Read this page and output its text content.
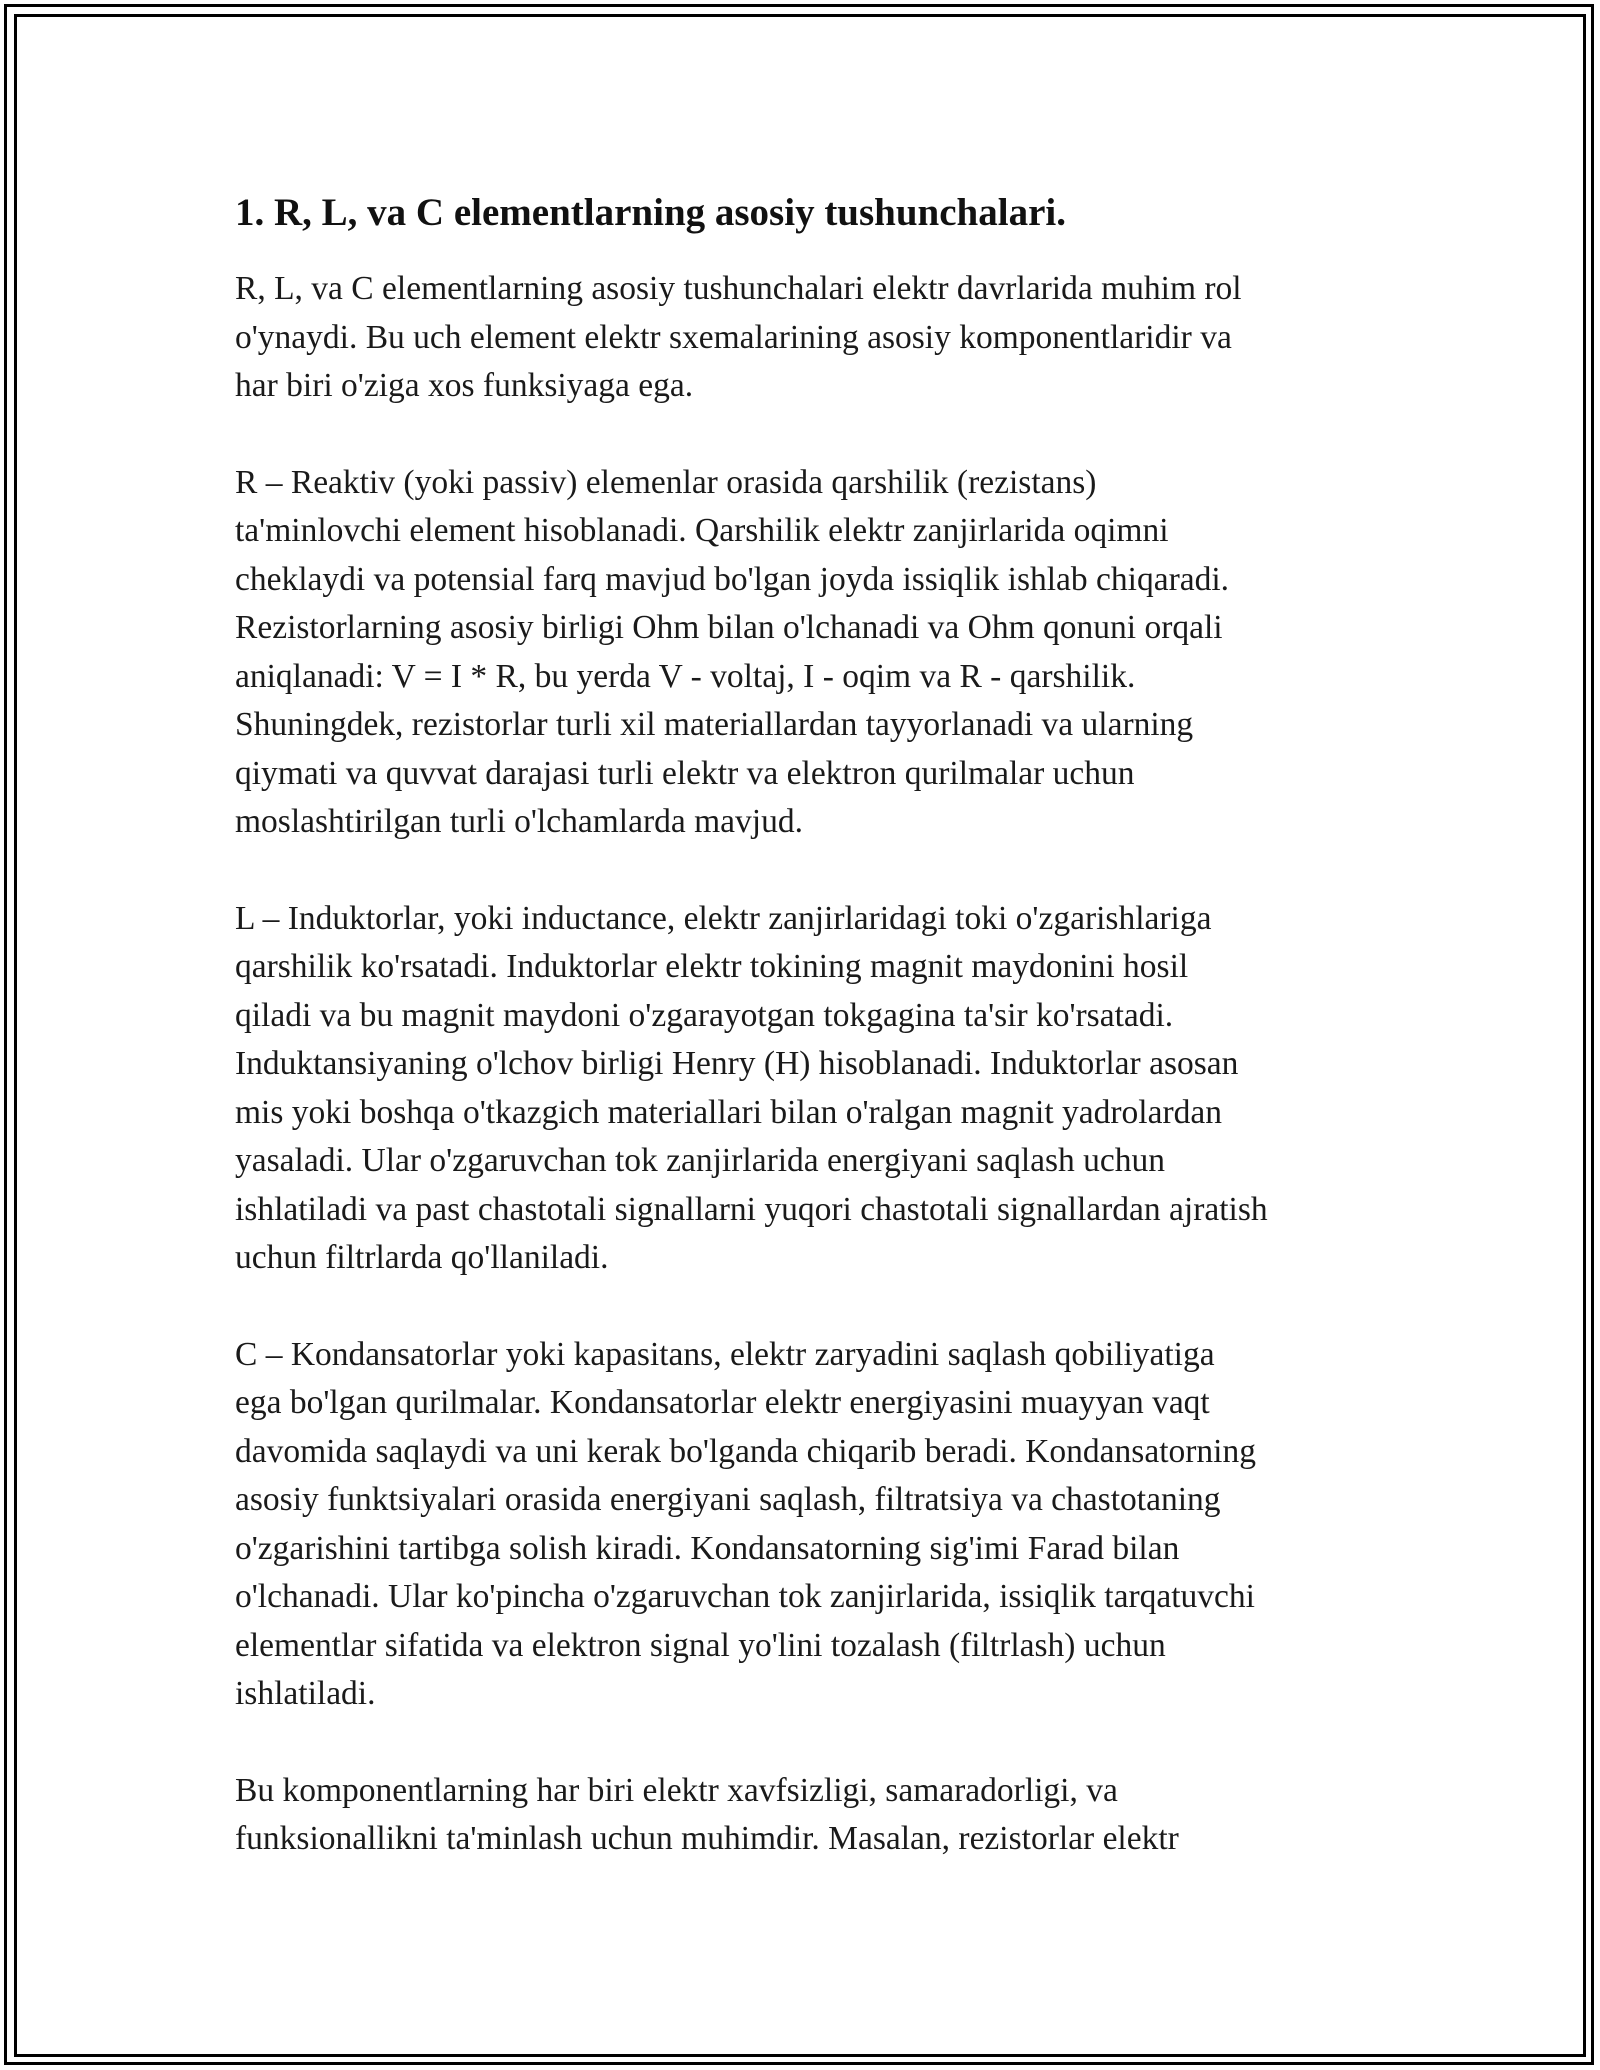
1. R, L, va C elementlarning asosiy tushunchalari.

R, L, va C elementlarning asosiy tushunchalari elektr davrlarida muhim rol
o'ynaydi. Bu uch element elektr sxemalarining asosiy komponentlaridir va
har biri o'ziga xos funksiyaga ega.

R – Reaktiv (yoki passiv) elemenlar orasida qarshilik (rezistans)
ta'minlovchi element hisoblanadi. Qarshilik elektr zanjirlarida oqimni
cheklaydi va potensial farq mavjud bo'lgan joyda issiqlik ishlab chiqaradi.
Rezistorlarning asosiy birligi Ohm bilan o'lchanadi va Ohm qonuni orqali
aniqlanadi: V = I * R, bu yerda V - voltaj, I - oqim va R - qarshilik.
Shuningdek, rezistorlar turli xil materiallardan tayyorlanadi va ularning
qiymati va quvvat darajasi turli elektr va elektron qurilmalar uchun
moslashtirilgan turli o'lchamlarda mavjud.

L – Induktorlar, yoki inductance, elektr zanjirlaridagi toki o'zgarishlariga
qarshilik ko'rsatadi. Induktorlar elektr tokining magnit maydonini hosil
qiladi va bu magnit maydoni o'zgarayotgan tokgagina ta'sir ko'rsatadi.
Induktansiyaning o'lchov birligi Henry (H) hisoblanadi. Induktorlar asosan
mis yoki boshqa o'tkazgich materiallari bilan o'ralgan magnit yadrolardan
yasaladi. Ular o'zgaruvchan tok zanjirlarida energiyani saqlash uchun
ishlatiladi va past chastotali signallarni yuqori chastotali signallardan ajratish
uchun filtrlarda qo'llaniladi.

C – Kondansatorlar yoki kapasitans, elektr zaryadini saqlash qobiliyatiga
ega bo'lgan qurilmalar. Kondansatorlar elektr energiyasini muayyan vaqt
davomida saqlaydi va uni kerak bo'lganda chiqarib beradi. Kondansatorning
asosiy funktsiyalari orasida energiyani saqlash, filtratsiya va chastotaning
o'zgarishini tartibga solish kiradi. Kondansatorning sig'imi Farad bilan
o'lchanadi. Ular ko'pincha o'zgaruvchan tok zanjirlarida, issiqlik tarqatuvchi
elementlar sifatida va elektron signal yo'lini tozalash (filtrlash) uchun
ishlatiladi.

Bu komponentlarning har biri elektr xavfsizligi, samaradorligi, va
funksionallikni ta'minlash uchun muhimdir. Masalan, rezistorlar elektr
